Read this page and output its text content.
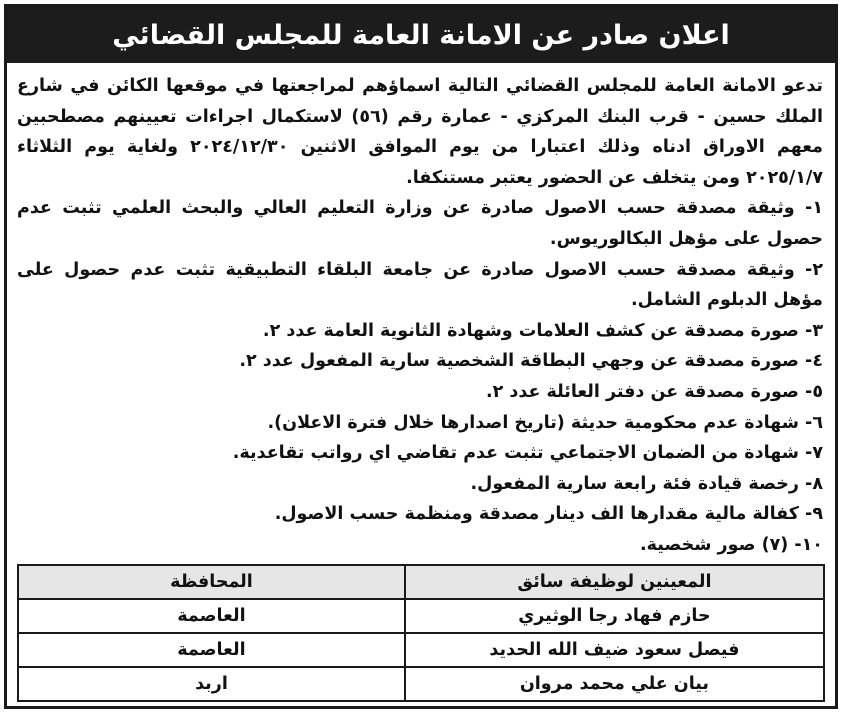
اعلان صادر عن الامانة العامة للمجلس القضائي

تدعو الامانة العامة للمجلس القضائي التالية اسماؤهم لمراجعتها في موقعها الكائن في شارع الملك حسين - قرب البنك المركزي - عمارة رقم (٥٦) لاستكمال اجراءات تعيينهم مصطحبين معهم الاوراق ادناه وذلك اعتبارا من يوم الموافق الاثنين ٢٠٢٤/١٢/٣٠ ولغاية يوم الثلاثاء ٢٠٢٥/١/٧ ومن يتخلف عن الحضور يعتبر مستنكفا.

١- وثيقة مصدقة حسب الاصول صادرة عن وزارة التعليم العالي والبحث العلمي تثبت عدم حصول على مؤهل البكالوريوس.
٢- وثيقة مصدقة حسب الاصول صادرة عن جامعة البلقاء التطبيقية تثبت عدم حصول على مؤهل الدبلوم الشامل.
٣- صورة مصدقة عن كشف العلامات وشهادة الثانوية العامة عدد ٢.
٤- صورة مصدقة عن وجهي البطاقة الشخصية سارية المفعول عدد ٢.
٥- صورة مصدقة عن دفتر العائلة عدد ٢.
٦- شهادة عدم محكومية حديثة (تاريخ اصدارها خلال فترة الاعلان).
٧- شهادة من الضمان الاجتماعي تثبت عدم تقاضي اي رواتب تقاعدية.
٨- رخصة قيادة فئة رابعة سارية المفعول.
٩- كفالة مالية مقدارها الف دينار مصدقة ومنظمة حسب الاصول.
١٠- (٧) صور شخصية.
المعينين لوظيفة سائق	المحافظة
حازم فهاد رجا الوثيري	العاصمة
فيصل سعود ضيف الله الحديد	العاصمة
بيان علي محمد مروان	اربد
